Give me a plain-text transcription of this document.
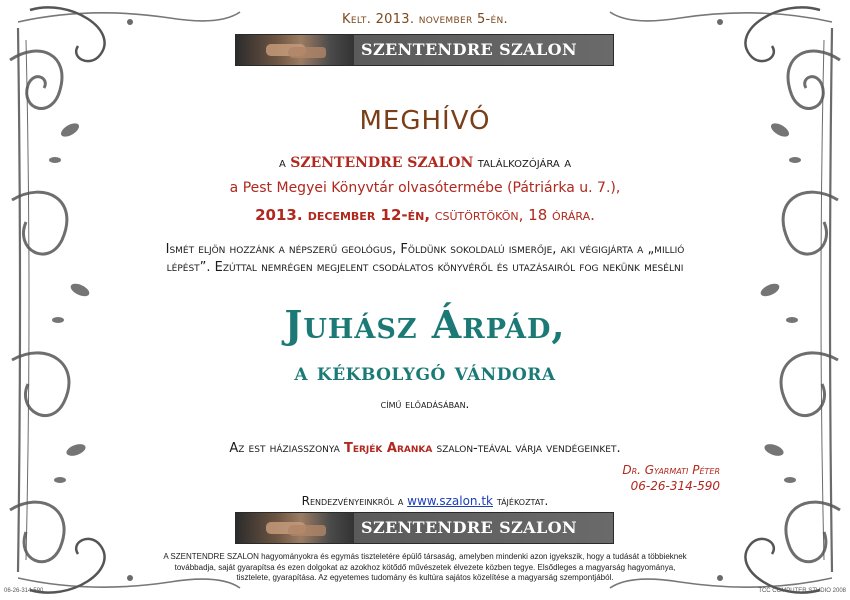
Kelt. 2013. november 5-én.
SZENTENDRE SZALON
MEGHÍVÓ
a SZENTENDRE SZALON találkozójára a
a Pest Megyei Könyvtár olvasótermébe (Pátriárka u. 7.),
2013. december 12-én, csütörtökön, 18 órára.
Ismét eljön hozzánk a népszerű geológus, Földünk sokoldalú ismerője, aki végigjárta a „millió
lépést”. Ezúttal nemrégen megjelent csodálatos könyvéről és utazásairól fog nekünk mesélni
Juhász Árpád,
a kékbolygó vándora
című előadásában.
Az est háziasszonya Terjék Aranka szalon-teával várja vendégeinket.
Dr. Gyarmati Péter
06-26-314-590
Rendezvényeinkről a www.szalon.tk tájékoztat.
SZENTENDRE SZALON
A SZENTENDRE SZALON hagyományokra és egymás tiszteletére épülő társaság, amelyben mindenki azon igyekszik, hogy a tudását a többieknek
továbbadja, saját gyarapítsa és ezen dolgokat az azokhoz kötődő művészetek élvezete közben tegye. Elsődleges a magyarság hagyománya,
tisztelete, gyarapítása. Az egyetemes tudomány és kultúra sajátos közelítése a magyarság szempontjából.
06-26-314-590	TCC COMPUTER STUDIO 2008
